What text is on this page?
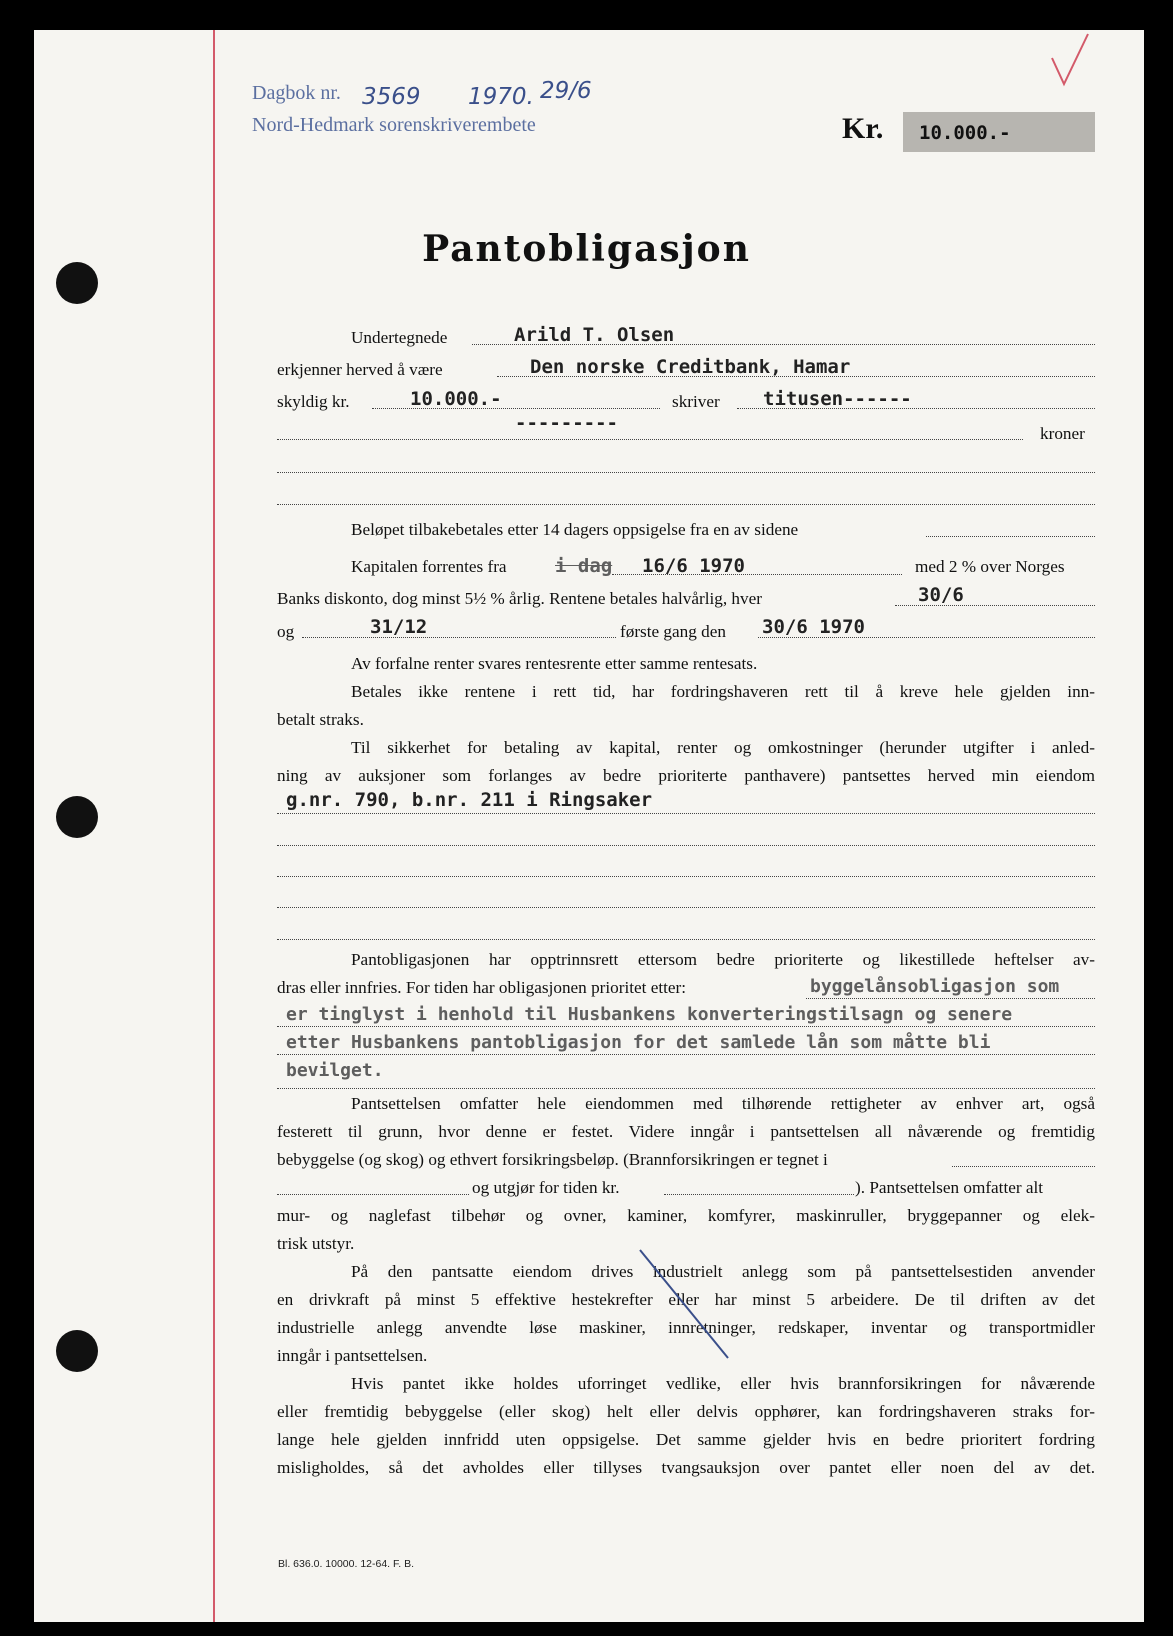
Dagbok nr. 3569 1970. 29/6
Nord-Hedmark sorenskriverembete	Kr. 10.000.-
Pantobligasjon
Undertegnede	Arild T. Olsen
erkjenner herved å være	Den norske Creditbank, Hamar
skyldig kr.	10.000.-	skriver titusen------
---------	kroner
Beløpet tilbakebetales etter 14 dagers oppsigelse fra en av sidene
Kapitalen forrentes fra	i dag 16/6 1970	med 2 % over Norges
Banks diskonto, dog minst 5½ % årlig. Rentene betales halvårlig, hver	30/6
og	31/12	første gang den 30/6 1970
Av forfalne renter svares rentesrente etter samme rentesats.
Betales ikke rentene i rett tid, har fordringshaveren rett til å kreve hele gjelden inn-
betalt straks.
Til sikkerhet for betaling av kapital, renter og omkostninger (herunder utgifter i anled-
ning av auksjoner som forlanges av bedre prioriterte panthavere) pantsettes herved min eiendom
g.nr. 790, b.nr. 211 i Ringsaker
Pantobligasjonen har opptrinnsrett ettersom bedre prioriterte og likestillede heftelser av-
dras eller innfries. For tiden har obligasjonen prioritet etter:	byggelånsobligasjon som
er tinglyst i henhold til Husbankens konverteringstilsagn og senere
etter Husbankens pantobligasjon for det samlede lån som måtte bli
bevilget.
Pantsettelsen omfatter hele eiendommen med tilhørende rettigheter av enhver art, også
festerett til grunn, hvor denne er festet. Videre inngår i pantsettelsen all nåværende og fremtidig
bebyggelse (og skog) og ethvert forsikringsbeløp. (Brannforsikringen er tegnet i
og utgjør for tiden kr.	). Pantsettelsen omfatter alt
mur- og naglefast tilbehør og ovner, kaminer, komfyrer, maskinruller, bryggepanner og elek-
trisk utstyr.
På den pantsatte eiendom drives industrielt anlegg som på pantsettelsestiden anvender
en drivkraft på minst 5 effektive hestekrefter eller har minst 5 arbeidere. De til driften av det
industrielle anlegg anvendte løse maskiner, innretninger, redskaper, inventar og transportmidler
inngår i pantsettelsen.
Hvis pantet ikke holdes uforringet vedlike, eller hvis brannforsikringen for nåværende
eller fremtidig bebyggelse (eller skog) helt eller delvis opphører, kan fordringshaveren straks for-
lange hele gjelden innfridd uten oppsigelse. Det samme gjelder hvis en bedre prioritert fordring
misligholdes, så det avholdes eller tillyses tvangsauksjon over pantet eller noen del av det.
Bl. 636.0. 10000. 12-64. F. B.
